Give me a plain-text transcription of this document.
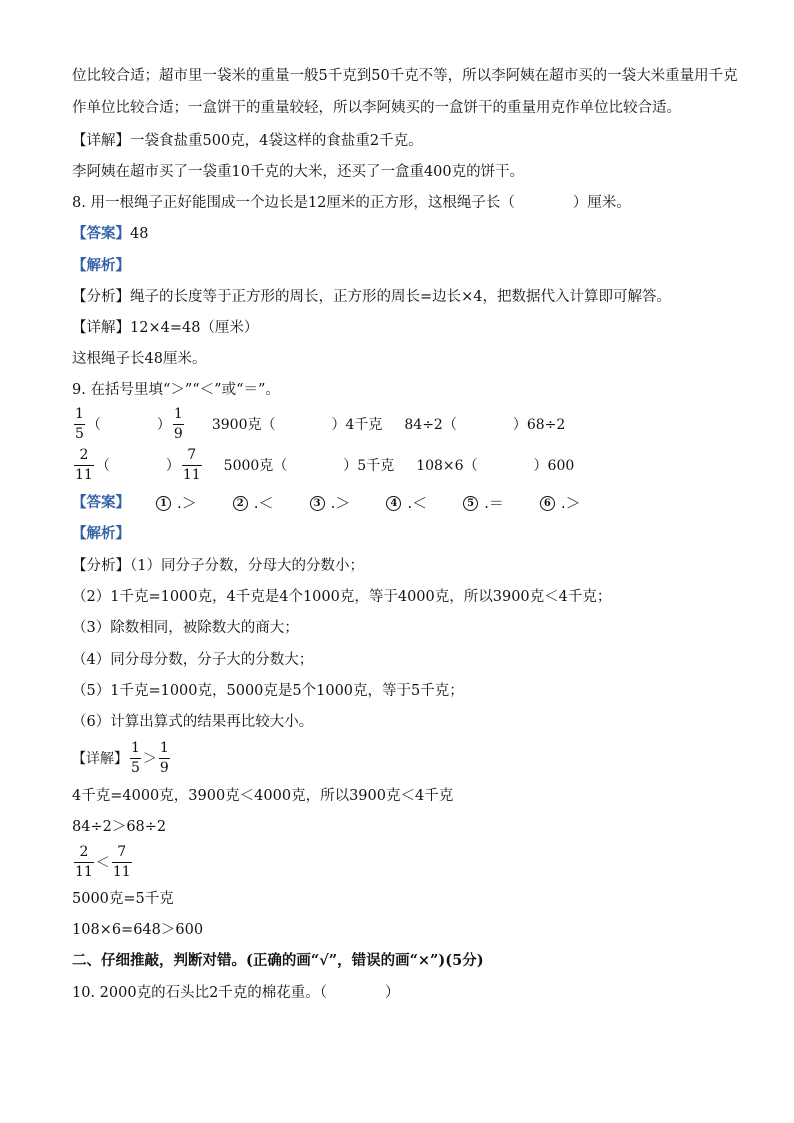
位比较合适；超市里一袋米的重量一般5千克到50千克不等，所以李阿姨在超市买的一袋大米重量用千克
作单位比较合适；一盒饼干的重量较轻，所以李阿姨买的一盒饼干的重量用克作单位比较合适。
【详解】一袋食盐重500克，4袋这样的食盐重2千克。
李阿姨在超市买了一袋重10千克的大米，还买了一盒重400克的饼干。
8. 用一根绳子正好能围成一个边长是12厘米的正方形，这根绳子长（　　　　）厘米。
【答案】48
【解析】
【分析】绳子的长度等于正方形的周长，正方形的周长=边长×4，把数据代入计算即可解答。
【详解】12×4=48（厘米）
这根绳子长48厘米。
9. 在括号里填“＞”“＜”或“＝”。
$\frac{1}{5}$ （　　　　） $\frac{1}{9} 3900$克（　　　　）4千克 84÷2（　　　　）68÷2
$\frac{2}{11}$ （　　　　） $\frac{7}{11} 5000$克（　　　　）5千克 108×6（　　　　）600
【答案】	1 .＞	2 .＜	3 .＞	4 .＜	5 .＝	6 .＞
【解析】
【分析】（1）同分子分数，分母大的分数小；
（2）1千克=1000克，4千克是4个1000克，等于4000克，所以3900克＜4千克；
（3）除数相同，被除数大的商大；
（4）同分母分数，分子大的分数大；
（5）1千克=1000克，5000克是5个1000克，等于5千克；
（6）计算出算式的结果再比较大小。
【详解】 $\frac{1}{5} > \frac{1}{9}$
4千克=4000克，3900克＜4000克，所以3900克＜4千克
84÷2＞68÷2
$\frac{2}{11} < \frac{7}{11}$
5000克=5千克
108×6=648＞600
二、仔细推敲，判断对错。(正确的画“√”，错误的画“×”)(5分)
10. 2000克的石头比2千克的棉花重。（　　　　）
